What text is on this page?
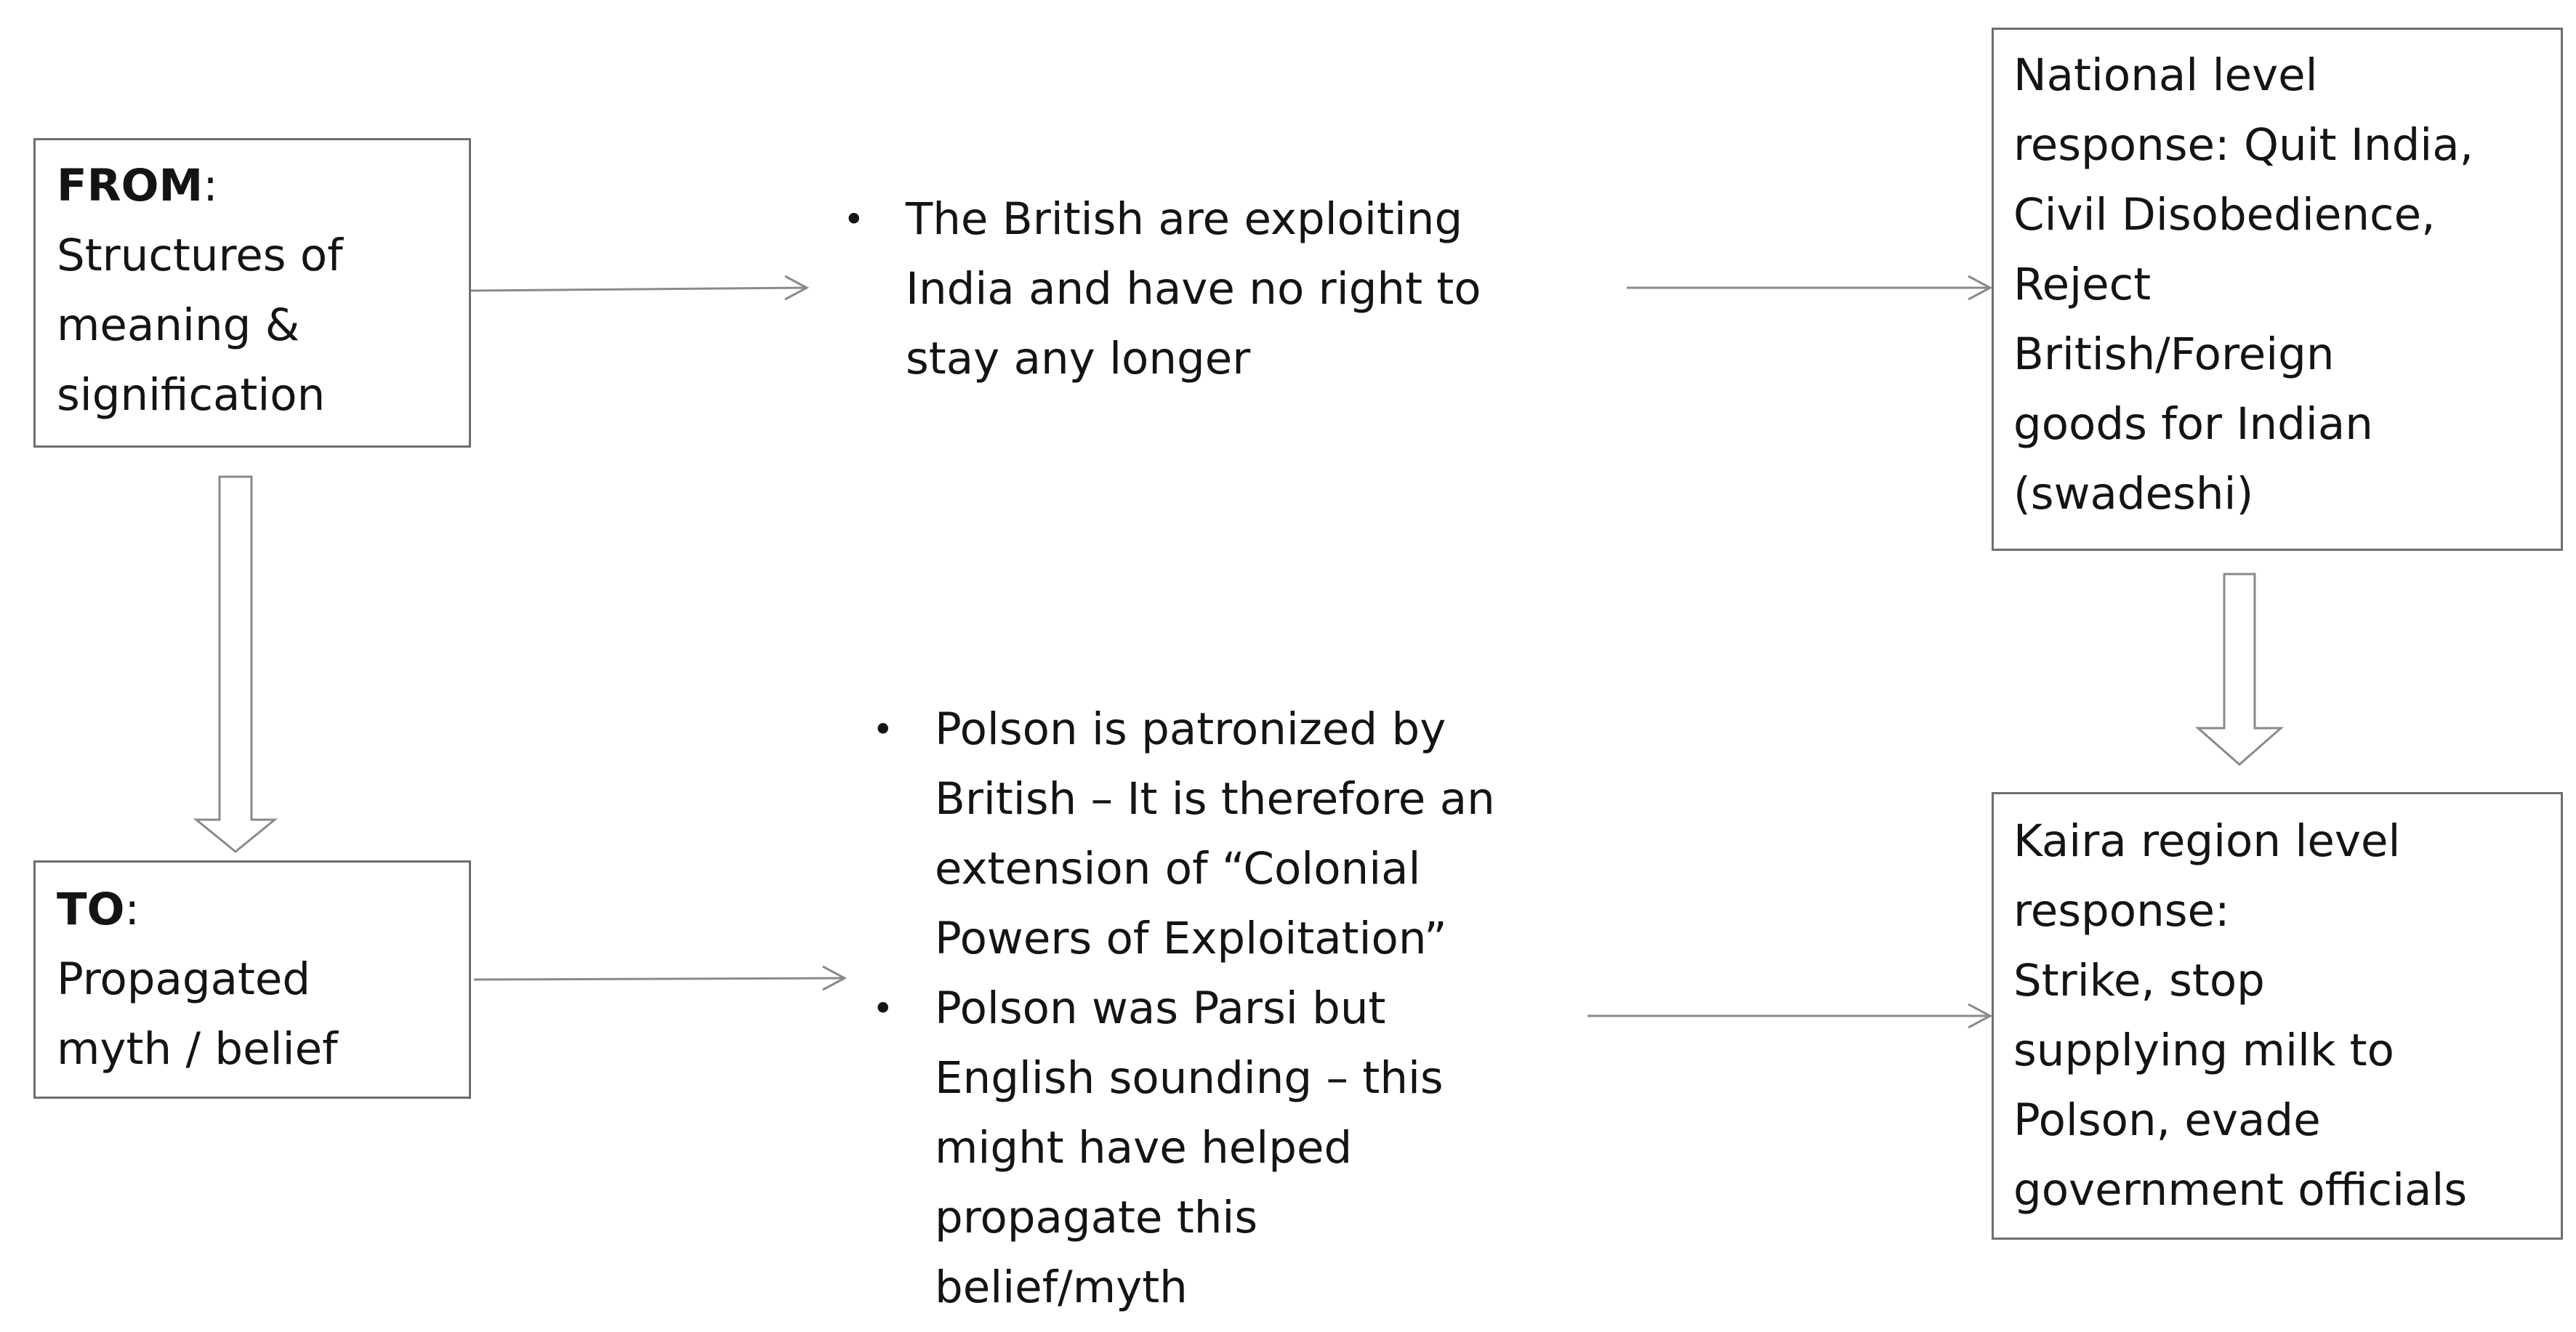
FROM:
Structures of
meaning &
signification
TO:
Propagated
myth / belief
• The British are exploiting
India and have no right to
stay any longer
• Polson is patronized by
British – It is therefore an
extension of “Colonial
Powers of Exploitation”
• Polson was Parsi but
English sounding – this
might have helped
propagate this
belief/myth
National level
response: Quit India,
Civil Disobedience,
Reject
British/Foreign
goods for Indian
(swadeshi)
Kaira region level
response:
Strike, stop
supplying milk to
Polson, evade
government officials
